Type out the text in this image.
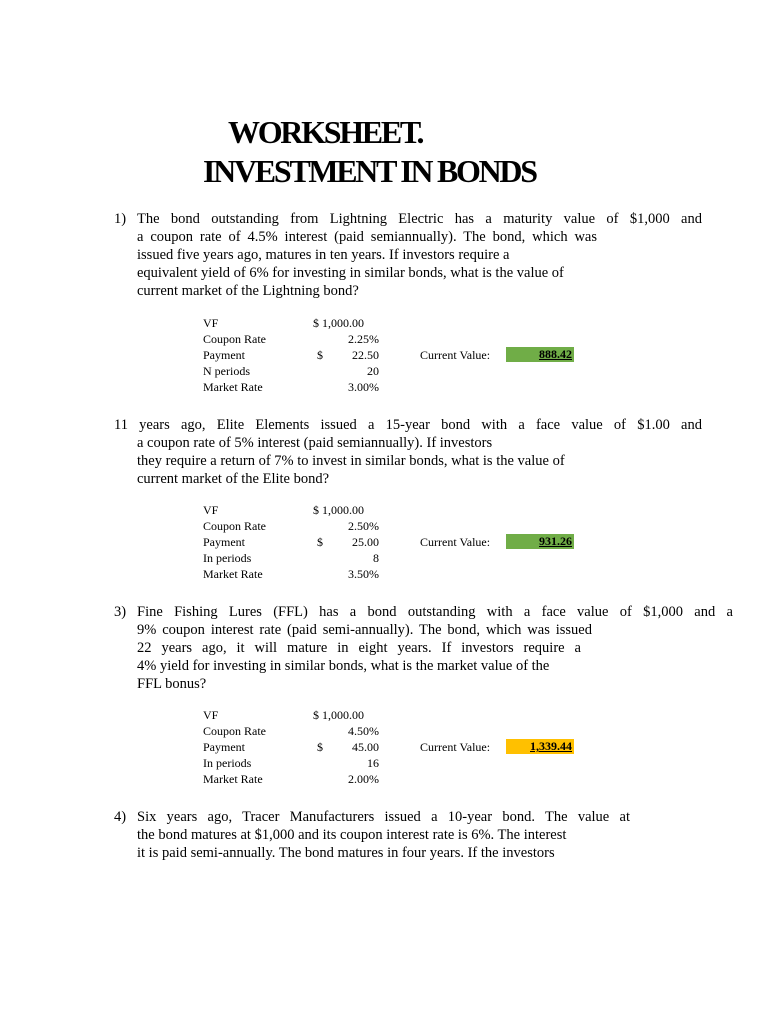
WORKSHEET.
INVESTMENT IN BONDS
1) The bond outstanding from Lightning Electric has a maturity value of $1,000 and
a coupon rate of 4.5% interest (paid semiannually). The bond, which was
issued five years ago, matures in ten years. If investors require a
equivalent yield of 6% for investing in similar bonds, what is the value of
current market of the Lightning bond?
VF	$ 1,000.00
Coupon Rate	2.25%
Payment	$	22.50	Current Value:	888.42
N periods	20
Market Rate	3.00%
11 years ago, Elite Elements issued a 15-year bond with a face value of $1.00 and
a coupon rate of 5% interest (paid semiannually). If investors
they require a return of 7% to invest in similar bonds, what is the value of
current market of the Elite bond?
VF	$ 1,000.00
Coupon Rate	2.50%
Payment	$	25.00	Current Value:	931.26
In periods	8
Market Rate	3.50%
3) Fine Fishing Lures (FFL) has a bond outstanding with a face value of $1,000 and a
9% coupon interest rate (paid semi-annually). The bond, which was issued
22 years ago, it will mature in eight years. If investors require a
4% yield for investing in similar bonds, what is the market value of the
FFL bonus?
VF	$ 1,000.00
Coupon Rate	4.50%
Payment	$	45.00	Current Value:	1,339.44
In periods	16
Market Rate	2.00%
4) Six years ago, Tracer Manufacturers issued a 10-year bond. The value at
the bond matures at $1,000 and its coupon interest rate is 6%. The interest
it is paid semi-annually. The bond matures in four years. If the investors
